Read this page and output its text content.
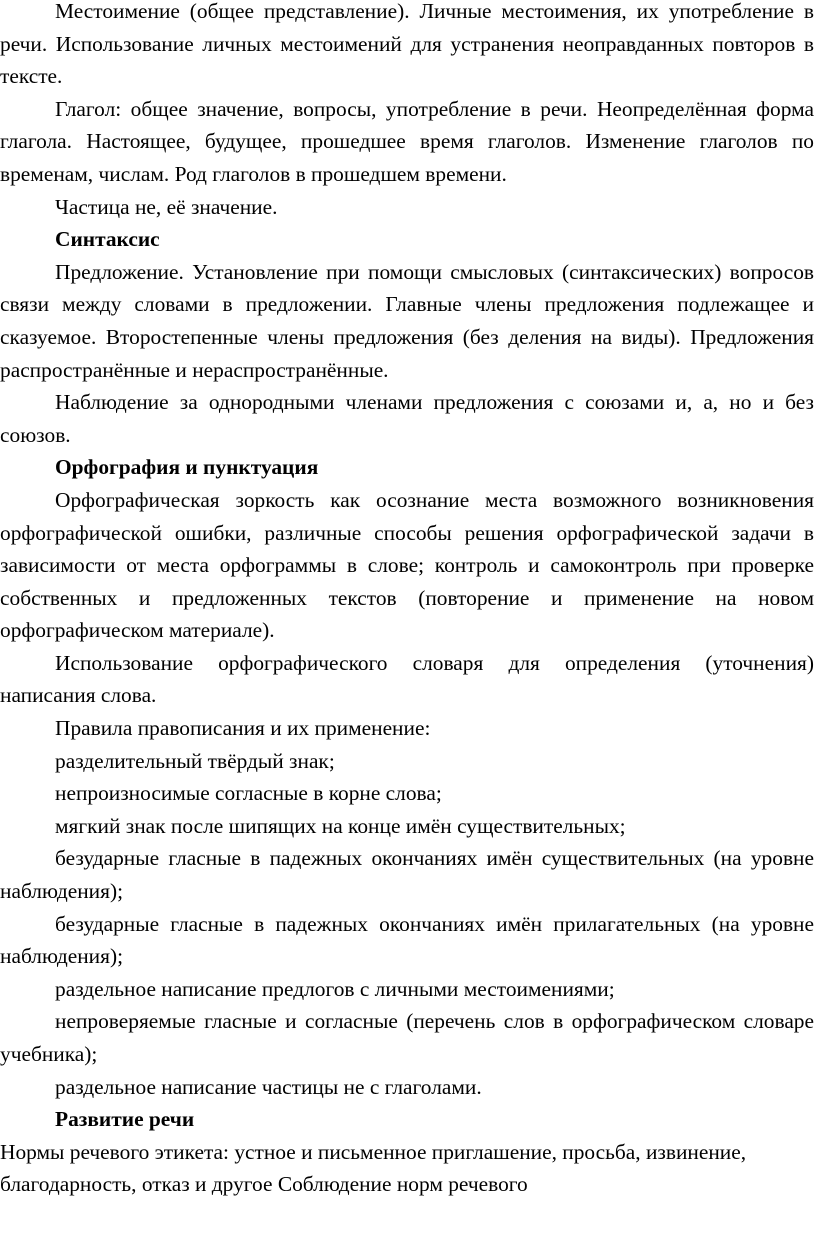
Местоимение (общее представление). Личные местоимения, их употребление в речи. Использование личных местоимений для устранения неоправданных повторов в тексте.

Глагол: общее значение, вопросы, употребление в речи. Неопределённая форма глагола. Настоящее, будущее, прошедшее время глаголов. Изменение глаголов по временам, числам. Род глаголов в прошедшем времени.

Частица не, её значение.

Синтаксис

Предложение. Установление при помощи смысловых (синтаксических) вопросов связи между словами в предложении. Главные члены предложения подлежащее и сказуемое. Второстепенные члены предложения (без деления на виды). Предложения распространённые и нераспространённые.

Наблюдение за однородными членами предложения с союзами и, а, но и без союзов.

Орфография и пунктуация

Орфографическая зоркость как осознание места возможного возникновения орфографической ошибки, различные способы решения орфографической задачи в зависимости от места орфограммы в слове; контроль и самоконтроль при проверке собственных и предложенных текстов (повторение и применение на новом орфографическом материале).

Использование орфографического словаря для определения (уточнения) написания слова.

Правила правописания и их применение:

разделительный твёрдый знак;

непроизносимые согласные в корне слова;

мягкий знак после шипящих на конце имён существительных;

безударные гласные в падежных окончаниях имён существительных (на уровне наблюдения);

безударные гласные в падежных окончаниях имён прилагательных (на уровне наблюдения);

раздельное написание предлогов с личными местоимениями;

непроверяемые гласные и согласные (перечень слов в орфографическом словаре учебника);

раздельное написание частицы не с глаголами.

Развитие речи

Нормы речевого этикета: устное и письменное приглашение, просьба, извинение, благодарность, отказ и другое Соблюдение норм речевого
